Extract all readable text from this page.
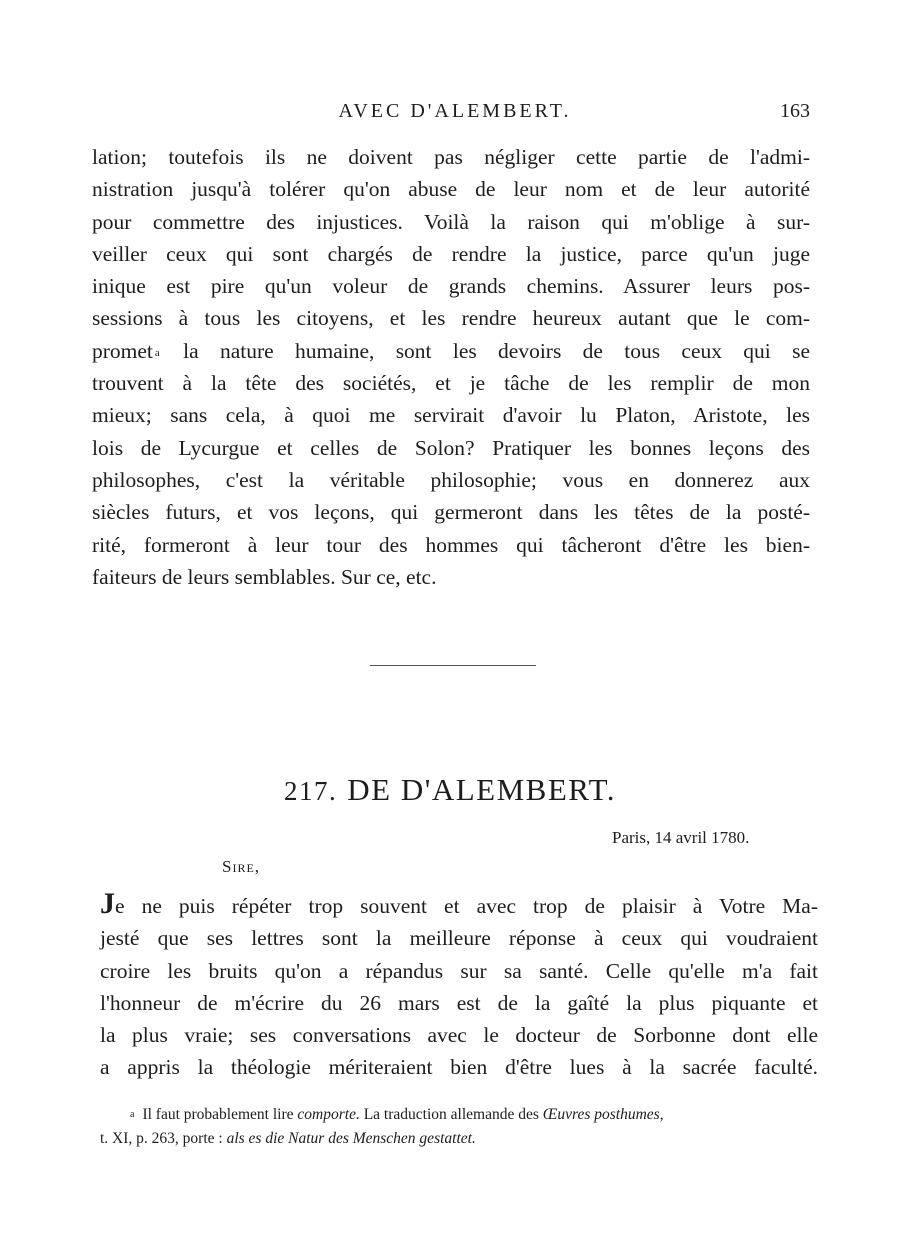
AVEC D'ALEMBERT.	163
lation; toutefois ils ne doivent pas négliger cette partie de l'admi-
nistration jusqu'à tolérer qu'on abuse de leur nom et de leur autorité
pour commettre des injustices. Voilà la raison qui m'oblige à sur-
veiller ceux qui sont chargés de rendre la justice, parce qu'un juge
inique est pire qu'un voleur de grands chemins. Assurer leurs pos-
sessions à tous les citoyens, et les rendre heureux autant que le com-
promet $^a$ la nature humaine, sont les devoirs de tous ceux qui se
trouvent à la tête des sociétés, et je tâche de les remplir de mon
mieux; sans cela, à quoi me servirait d'avoir lu Platon, Aristote, les
lois de Lycurgue et celles de Solon? Pratiquer les bonnes leçons des
philosophes, c'est la véritable philosophie; vous en donnerez aux
siècles futurs, et vos leçons, qui germeront dans les têtes de la posté-
rité, formeront à leur tour des hommes qui tâcheront d'être les bien-
faiteurs de leurs semblables. Sur ce, etc.
217. DE D'ALEMBERT.
Paris, 14 avril 1780.
Sire,
Je ne puis répéter trop souvent et avec trop de plaisir à Votre Ma-
jesté que ses lettres sont la meilleure réponse à ceux qui voudraient
croire les bruits qu'on a répandus sur sa santé. Celle qu'elle m'a fait
l'honneur de m'écrire du 26 mars est de la gaîté la plus piquante et
la plus vraie; ses conversations avec le docteur de Sorbonne dont elle
a appris la théologie mériteraient bien d'être lues à la sacrée faculté.
$^a$ Il faut probablement lire comporte. La traduction allemande des Œuvres posthumes,
t. XI, p. 263, porte : als es die Natur des Menschen gestattet.
